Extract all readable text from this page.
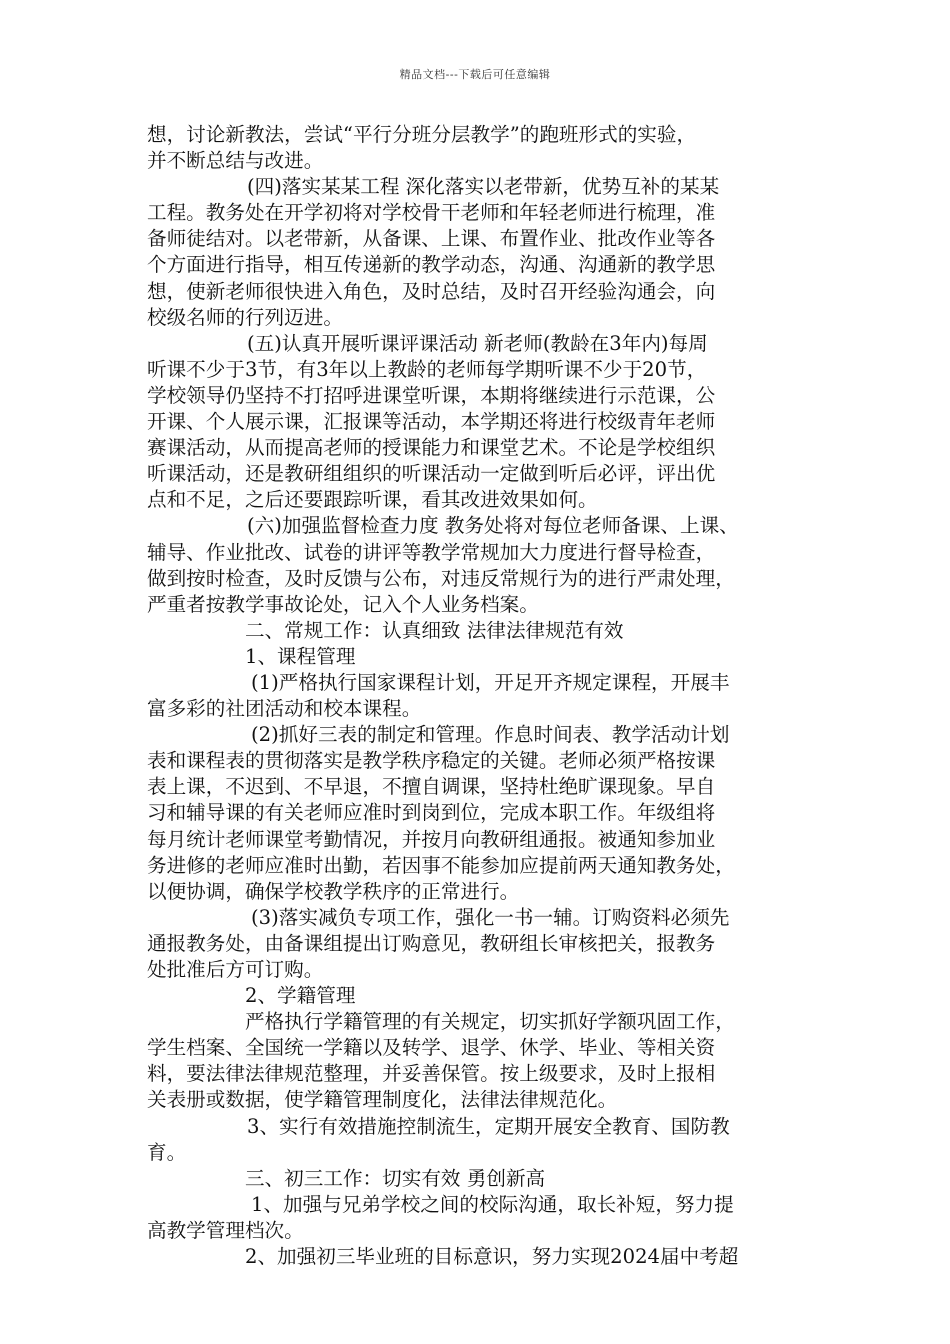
精品文档---下载后可任意编辑
想，讨论新教法，尝试“平行分班分层教学”的跑班形式的实验，
并不断总结与改进。
(四)落实某某工程 深化落实以老带新，优势互补的某某
工程。教务处在开学初将对学校骨干老师和年轻老师进行梳理，准
备师徒结对。以老带新，从备课、上课、布置作业、批改作业等各
个方面进行指导，相互传递新的教学动态，沟通、沟通新的教学思
想，使新老师很快进入角色，及时总结，及时召开经验沟通会，向
校级名师的行列迈进。
(五)认真开展听课评课活动 新老师(教龄在3年内)每周
听课不少于3节，有3年以上教龄的老师每学期听课不少于20节，
学校领导仍坚持不打招呼进课堂听课，本期将继续进行示范课，公
开课、个人展示课，汇报课等活动，本学期还将进行校级青年老师
赛课活动，从而提高老师的授课能力和课堂艺术。不论是学校组织
听课活动，还是教研组组织的听课活动一定做到听后必评，评出优
点和不足，之后还要跟踪听课，看其改进效果如何。
(六)加强监督检查力度 教务处将对每位老师备课、上课、
辅导、作业批改、试卷的讲评等教学常规加大力度进行督导检查，
做到按时检查，及时反馈与公布，对违反常规行为的进行严肃处理，
严重者按教学事故论处，记入个人业务档案。
二、常规工作：认真细致 法律法律规范有效
1、课程管理
(1)严格执行国家课程计划，开足开齐规定课程，开展丰
富多彩的社团活动和校本课程。
(2)抓好三表的制定和管理。作息时间表、教学活动计划
表和课程表的贯彻落实是教学秩序稳定的关键。老师必须严格按课
表上课，不迟到、不早退，不擅自调课，坚持杜绝旷课现象。早自
习和辅导课的有关老师应准时到岗到位，完成本职工作。年级组将
每月统计老师课堂考勤情况，并按月向教研组通报。被通知参加业
务进修的老师应准时出勤，若因事不能参加应提前两天通知教务处，
以便协调，确保学校教学秩序的正常进行。
(3)落实减负专项工作，强化一书一辅。订购资料必须先
通报教务处，由备课组提出订购意见，教研组长审核把关，报教务
处批准后方可订购。
2、学籍管理
严格执行学籍管理的有关规定，切实抓好学额巩固工作，
学生档案、全国统一学籍以及转学、退学、休学、毕业、等相关资
料，要法律法律规范整理，并妥善保管。按上级要求，及时上报相
关表册或数据，使学籍管理制度化，法律法律规范化。
3、实行有效措施控制流生，定期开展安全教育、国防教
育。
三、初三工作：切实有效 勇创新高
1、加强与兄弟学校之间的校际沟通，取长补短，努力提
高教学管理档次。
2、加强初三毕业班的目标意识，努力实现2024届中考超
